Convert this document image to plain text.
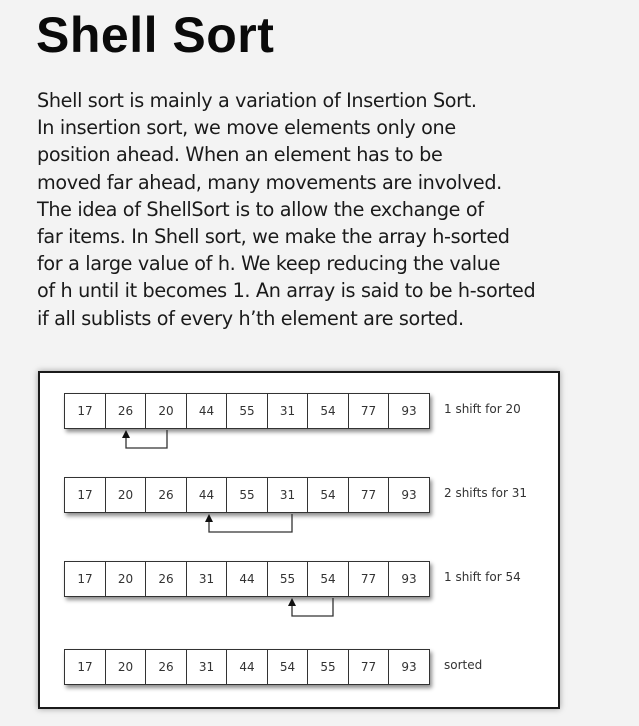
Shell Sort
Shell sort is mainly a variation of Insertion Sort.
In insertion sort, we move elements only one
position ahead. When an element has to be
moved far ahead, many movements are involved.
The idea of ShellSort is to allow the exchange of
far items. In Shell sort, we make the array h-sorted
for a large value of h. We keep reducing the value
of h until it becomes 1. An array is said to be h-sorted
if all sublists of every h’th element are sorted.
17	26	20	44	55	31	54	77	93	1 shift for 20
17	20	26	44	55	31	54	77	93	2 shifts for 31
17	20	26	31	44	55	54	77	93	1 shift for 54
17	20	26	31	44	54	55	77	93	sorted
